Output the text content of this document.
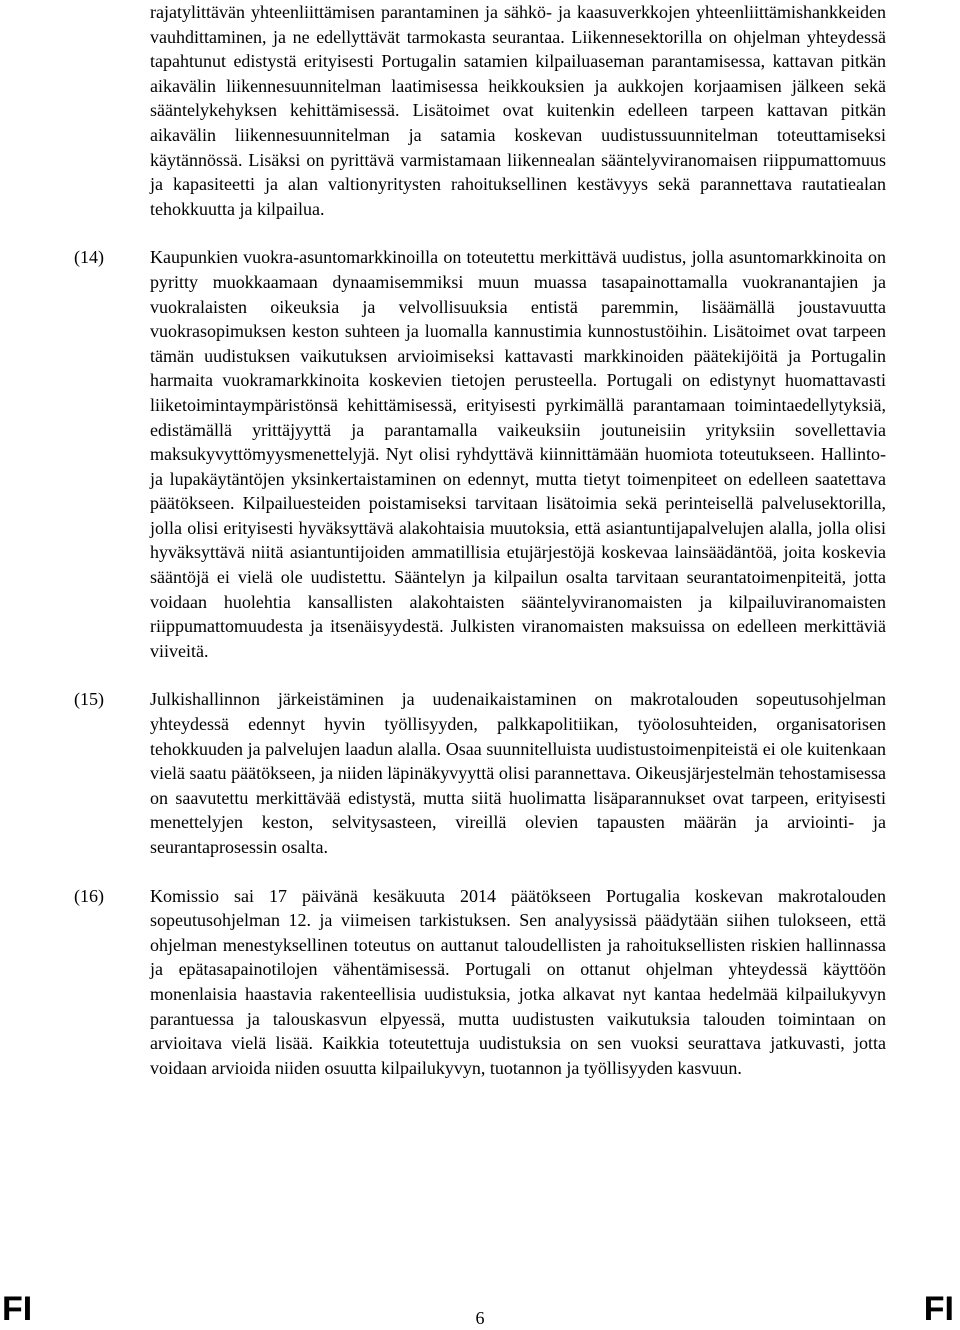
rajatylittävän yhteenliittämisen parantaminen ja sähkö- ja kaasuverkkojen yhteenliittämishankkeiden vauhdittaminen, ja ne edellyttävät tarmokasta seurantaa. Liikennesektorilla on ohjelman yhteydessä tapahtunut edistystä erityisesti Portugalin satamien kilpailuaseman parantamisessa, kattavan pitkän aikavälin liikennesuunnitelman laatimisessa heikkouksien ja aukkojen korjaamisen jälkeen sekä sääntelykehyksen kehittämisessä. Lisätoimet ovat kuitenkin edelleen tarpeen kattavan pitkän aikavälin liikennesuunnitelman ja satamia koskevan uudistussuunnitelman toteuttamiseksi käytännössä. Lisäksi on pyrittävä varmistamaan liikennealan sääntelyviranomaisen riippumattomuus ja kapasiteetti ja alan valtionyritysten rahoituksellinen kestävyys sekä parannettava rautatiealan tehokkuutta ja kilpailua.

(14)	Kaupunkien vuokra-asuntomarkkinoilla on toteutettu merkittävä uudistus, jolla asuntomarkkinoita on pyritty muokkaamaan dynaamisemmiksi muun muassa tasapainottamalla vuokranantajien ja vuokralaisten oikeuksia ja velvollisuuksia entistä paremmin, lisäämällä joustavuutta vuokrasopimuksen keston suhteen ja luomalla kannustimia kunnostustöihin. Lisätoimet ovat tarpeen tämän uudistuksen vaikutuksen arvioimiseksi kattavasti markkinoiden päätekijöitä ja Portugalin harmaita vuokramarkkinoita koskevien tietojen perusteella. Portugali on edistynyt huomattavasti liiketoimintaympäristönsä kehittämisessä, erityisesti pyrkimällä parantamaan toimintaedellytyksiä, edistämällä yrittäjyyttä ja parantamalla vaikeuksiin joutuneisiin yrityksiin sovellettavia maksukyvyttömyysmenettelyjä. Nyt olisi ryhdyttävä kiinnittämään huomiota toteutukseen. Hallinto- ja lupakäytäntöjen yksinkertaistaminen on edennyt, mutta tietyt toimenpiteet on edelleen saatettava päätökseen. Kilpailuesteiden poistamiseksi tarvitaan lisätoimia sekä perinteisellä palvelusektorilla, jolla olisi erityisesti hyväksyttävä alakohtaisia muutoksia, että asiantuntijapalvelujen alalla, jolla olisi hyväksyttävä niitä asiantuntijoiden ammatillisia etujärjestöjä koskevaa lainsäädäntöä, joita koskevia sääntöjä ei vielä ole uudistettu. Sääntelyn ja kilpailun osalta tarvitaan seurantatoimenpiteitä, jotta voidaan huolehtia kansallisten alakohtaisten sääntelyviranomaisten ja kilpailuviranomaisten riippumattomuudesta ja itsenäisyydestä. Julkisten viranomaisten maksuissa on edelleen merkittäviä viiveitä.

(15)	Julkishallinnon järkeistäminen ja uudenaikaistaminen on makrotalouden sopeutusohjelman yhteydessä edennyt hyvin työllisyyden, palkkapolitiikan, työolosuhteiden, organisatorisen tehokkuuden ja palvelujen laadun alalla. Osaa suunnitelluista uudistustoimenpiteistä ei ole kuitenkaan vielä saatu päätökseen, ja niiden läpinäkyvyyttä olisi parannettava. Oikeusjärjestelmän tehostamisessa on saavutettu merkittävää edistystä, mutta siitä huolimatta lisäparannukset ovat tarpeen, erityisesti menettelyjen keston, selvitysasteen, vireillä olevien tapausten määrän ja arviointi- ja seurantaprosessin osalta.

(16)	Komissio sai 17 päivänä kesäkuuta 2014 päätökseen Portugalia koskevan makrotalouden sopeutusohjelman 12. ja viimeisen tarkistuksen. Sen analyysissä päädytään siihen tulokseen, että ohjelman menestyksellinen toteutus on auttanut taloudellisten ja rahoituksellisten riskien hallinnassa ja epätasapainotilojen vähentämisessä. Portugali on ottanut ohjelman yhteydessä käyttöön monenlaisia haastavia rakenteellisia uudistuksia, jotka alkavat nyt kantaa hedelmää kilpailukyvyn parantuessa ja talouskasvun elpyessä, mutta uudistusten vaikutuksia talouden toimintaan on arvioitava vielä lisää. Kaikkia toteutettuja uudistuksia on sen vuoksi seurattava jatkuvasti, jotta voidaan arvioida niiden osuutta kilpailukyvyn, tuotannon ja työllisyyden kasvuun.

FI	6	FI
